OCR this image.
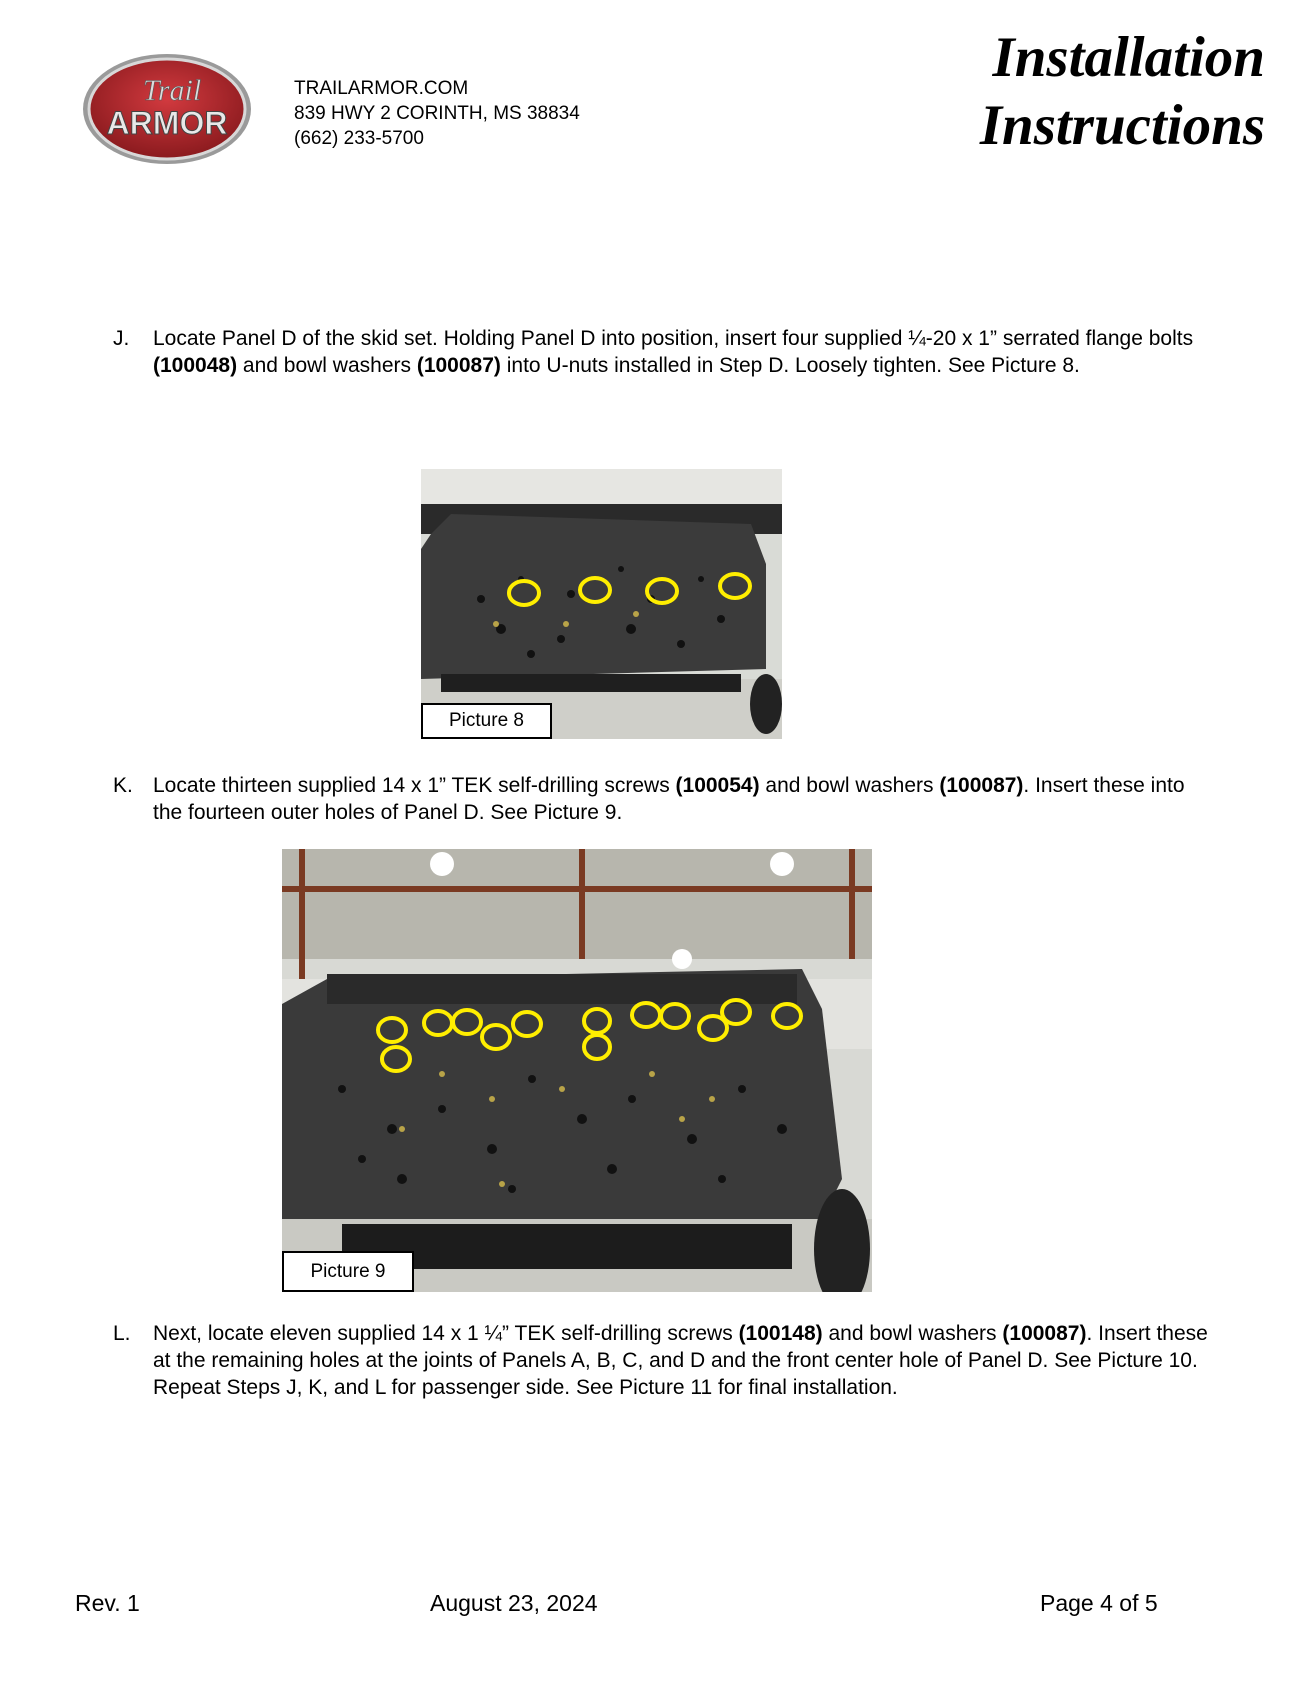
Trail
ARMOR
TRAILARMOR.COM
839 HWY 2 CORINTH, MS 38834
(662) 233-5700
Installation
Instructions
J. Locate Panel D of the skid set. Holding Panel D into position, insert four supplied ¼-20 x 1” serrated flange bolts (100048) and bowl washers (100087) into U-nuts installed in Step D. Loosely tighten. See Picture 8.
Picture 8
K. Locate thirteen supplied 14 x 1” TEK self-drilling screws (100054) and bowl washers (100087). Insert these into the fourteen outer holes of Panel D. See Picture 9.
Picture 9
L. Next, locate eleven supplied 14 x 1 ¼” TEK self-drilling screws (100148) and bowl washers (100087). Insert these at the remaining holes at the joints of Panels A, B, C, and D and the front center hole of Panel D. See Picture 10. Repeat Steps J, K, and L for passenger side. See Picture 11 for final installation.
Rev. 1	August 23, 2024	Page 4 of 5
